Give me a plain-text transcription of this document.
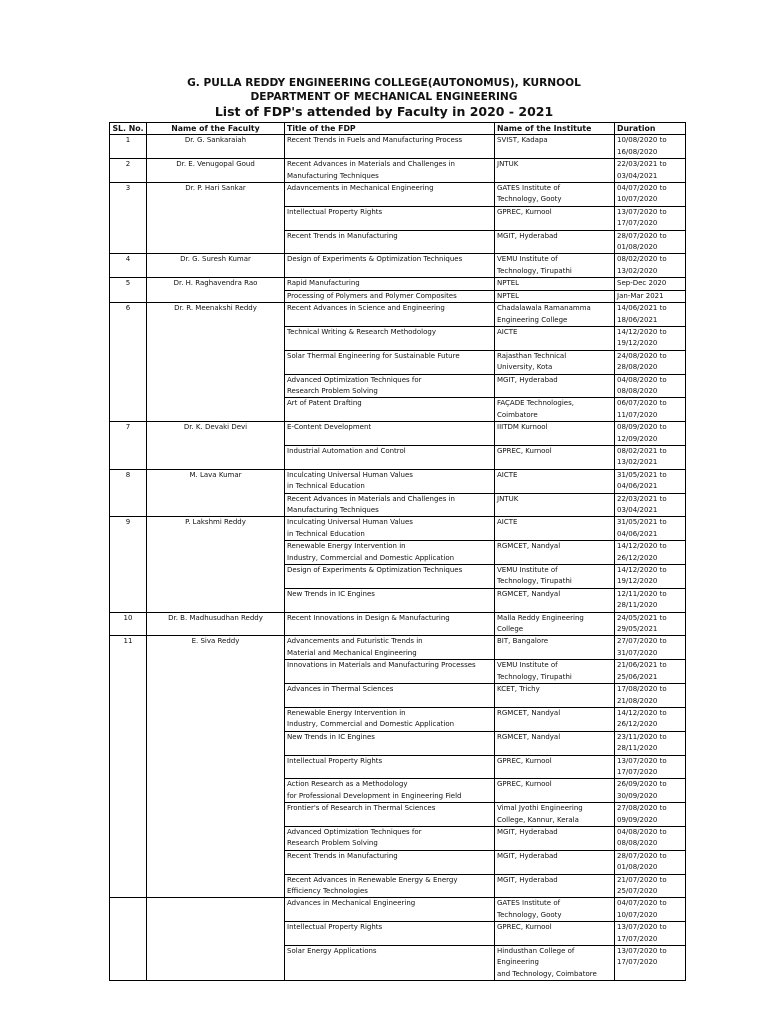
G. PULLA REDDY ENGINEERING COLLEGE(AUTONOMUS), KURNOOL
DEPARTMENT OF MECHANICAL ENGINEERING
List of FDP's attended by Faculty in 2020 - 2021
SL. No.	Name of the Faculty	Title of the FDP	Name of the Institute	Duration
1	Dr. G. Sankaraiah	Recent Trends in Fuels and Manufacturing Process	SVIST, Kadapa	10/08/2020 to
16/08/2020
2	Dr. E. Venugopal Goud	Recent Advances in Materials and Challenges in
Manufacturing Techniques	JNTUK	22/03/2021 to
03/04/2021
3	Dr. P. Hari Sankar	Adavncements in Mechanical Engineering	GATES Institute of
Technology, Gooty	04/07/2020 to
10/07/2020
		Intellectual Property Rights	GPREC, Kurnool	13/07/2020 to
17/07/2020
		Recent Trends in Manufacturing	MGIT, Hyderabad	28/07/2020 to
01/08/2020
4	Dr. G. Suresh Kumar	Design of Experiments & Optimization Techniques	VEMU Institute of
Technology, Tirupathi	08/02/2020 to
13/02/2020
5	Dr. H. Raghavendra Rao	Rapid Manufacturing	NPTEL	Sep-Dec 2020
		Processing of Polymers and Polymer Composites	NPTEL	Jan-Mar 2021
6	Dr. R. Meenakshi Reddy	Recent Advances in Science and Engineering	Chadalawala Ramanamma
Engineering College	14/06/2021 to
18/06/2021
		Technical Writing & Research Methodology	AICTE	14/12/2020 to
19/12/2020
		Solar Thermal Engineering for Sustainable Future	Rajasthan Technical
University, Kota	24/08/2020 to
28/08/2020
		Advanced Optimization Techniques for
Research Problem Solving	MGIT, Hyderabad	04/08/2020 to
08/08/2020
		Art of Patent Drafting	FAÇADE Technologies,
Coimbatore	06/07/2020 to
11/07/2020
7	Dr. K. Devaki Devi	E-Content Development	IIITDM Kurnool	08/09/2020 to
12/09/2020
		Industrial Automation and Control	GPREC, Kurnool	08/02/2021 to
13/02/2021
8	M. Lava Kumar	Inculcating Universal Human Values
in Technical Education	AICTE	31/05/2021 to
04/06/2021
		Recent Advances in Materials and Challenges in
Manufacturing Techniques	JNTUK	22/03/2021 to
03/04/2021
9	P. Lakshmi Reddy	Inculcating Universal Human Values
in Technical Education	AICTE	31/05/2021 to
04/06/2021
		Renewable Energy Intervention in
Industry, Commercial and Domestic Application	RGMCET, Nandyal	14/12/2020 to
26/12/2020
		Design of Experiments & Optimization Techniques	VEMU Institute of
Technology, Tirupathi	14/12/2020 to
19/12/2020
		New Trends in IC Engines	RGMCET, Nandyal	12/11/2020 to
28/11/2020
10	Dr. B. Madhusudhan Reddy	Recent Innovations in Design & Manufacturing	Malla Reddy Engineering
College	24/05/2021 to
29/05/2021
11	E. Siva Reddy	Advancements and Futuristic Trends in
Material and Mechanical Engineering	BIT, Bangalore	27/07/2020 to
31/07/2020
		Innovations in Materials and Manufacturing Processes	VEMU Institute of
Technology, Tirupathi	21/06/2021 to
25/06/2021
		Advances in Thermal Sciences	KCET, Trichy	17/08/2020 to
21/08/2020
		Renewable Energy Intervention in
Industry, Commercial and Domestic Application	RGMCET, Nandyal	14/12/2020 to
26/12/2020
		New Trends in IC Engines	RGMCET, Nandyal	23/11/2020 to
28/11/2020
		Intellectual Property Rights	GPREC, Kurnool	13/07/2020 to
17/07/2020
		Action Research as a Methodology
for Professional Development in Engineering Field	GPREC, Kurnool	26/09/2020 to
30/09/2020
		Frontier's of Research in Thermal Sciences	Vimal Jyothi Engineering
College, Kannur, Kerala	27/08/2020 to
09/09/2020
		Advanced Optimization Techniques for
Research Problem Solving	MGIT, Hyderabad	04/08/2020 to
08/08/2020
		Recent Trends in Manufacturing	MGIT, Hyderabad	28/07/2020 to
01/08/2020
		Recent Advances in Renewable Energy & Energy
Efficiency Technologies	MGIT, Hyderabad	21/07/2020 to
25/07/2020
		Advances in Mechanical Engineering	GATES Institute of
Technology, Gooty	04/07/2020 to
10/07/2020
		Intellectual Property Rights	GPREC, Kurnool	13/07/2020 to
17/07/2020
		Solar Energy Applications	Hindusthan College of
Engineering
and Technology, Coimbatore	13/07/2020 to
17/07/2020
